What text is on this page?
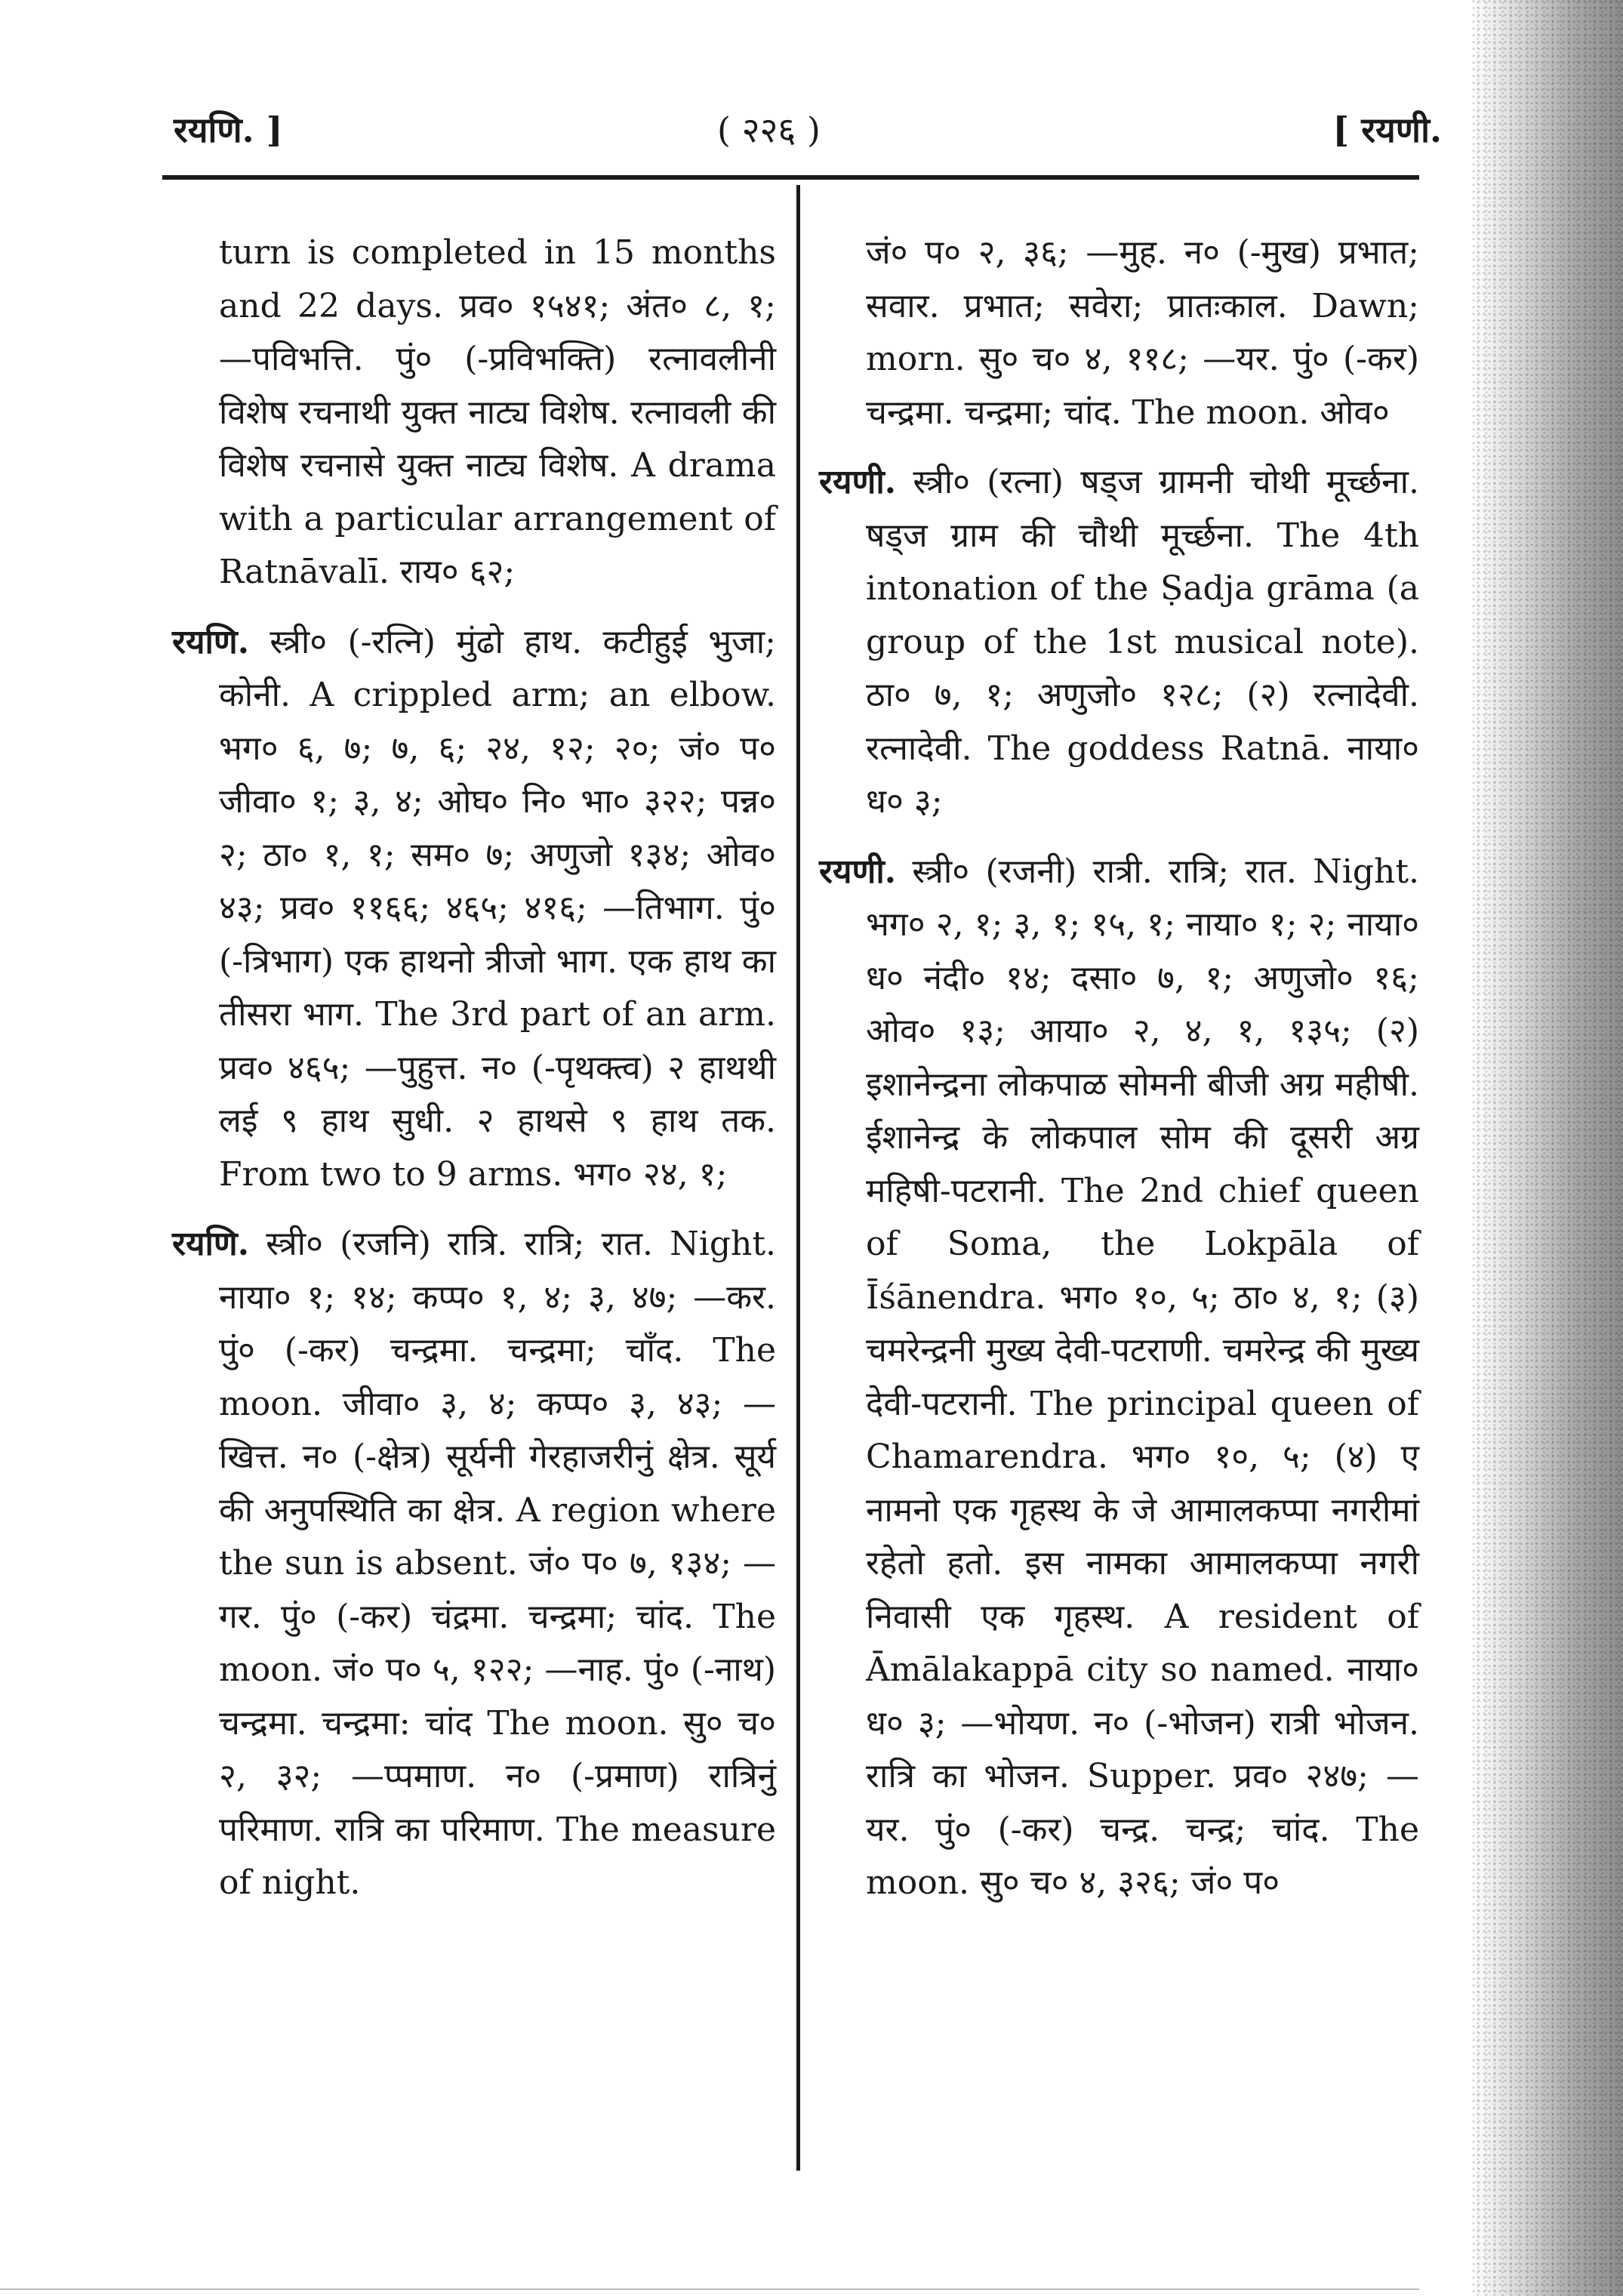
रयणि. ]	( २२६ )	[ रयणी.

turn is completed in 15 months and 22 days. प्रव० १५४१; अंत० ८, १; —पविभत्ति. पुं० (-प्रविभक्ति) रत्नावलीनी विशेष रचनाथी युक्त नाट्य विशेष. रत्नावली की विशेष रचनासे युक्त नाट्य विशेष. A drama with a particular arrangement of Ratnāvalī. राय० ६२;

रयणि. स्त्री० (-रत्नि) मुंढो हाथ. कटीहुई भुजा; कोनी. A crippled arm; an elbow. भग० ६, ७; ७, ६; २४, १२; २०; जं० प० जीवा० १; ३, ४; ओघ० नि० भा० ३२२; पन्न० २; ठा० १, १; सम० ७; अणुजो १३४; ओव० ४३; प्रव० ११६६; ४६५; ४१६; —तिभाग. पुं० (-त्रिभाग) एक हाथनो त्रीजो भाग. एक हाथ का तीसरा भाग. The 3rd part of an arm. प्रव० ४६५; —पुहुत्त. न० (-पृथक्त्व) २ हाथथी लई ९ हाथ सुधी. २ हाथसे ९ हाथ तक. From two to 9 arms. भग० २४, १;

रयणि. स्त्री० (रजनि) रात्रि. रात्रि; रात. Night. नाया० १; १४; कप्प० १, ४; ३, ४७; —कर. पुं० (-कर) चन्द्रमा. चन्द्रमा; चाँद. The moon. जीवा० ३, ४; कप्प० ३, ४३; —खित्त. न० (-क्षेत्र) सूर्यनी गेरहाजरीनुं क्षेत्र. सूर्य की अनुपस्थिति का क्षेत्र. A region where the sun is absent. जं० प० ७, १३४; —गर. पुं० (-कर) चंद्रमा. चन्द्रमा; चांद. The moon. जं० प० ५, १२२; —नाह. पुं० (-नाथ) चन्द्रमा. चन्द्रमा: चांद The moon. सु० च० २, ३२; —प्पमाण. न० (-प्रमाण) रात्रिनुं परिमाण. रात्रि का परिमाण. The measure of night.

जं० प० २, ३६; —मुह. न० (-मुख) प्रभात; सवार. प्रभात; सवेरा; प्रातःकाल. Dawn; morn. सु० च० ४, ११८; —यर. पुं० (-कर) चन्द्रमा. चन्द्रमा; चांद. The moon. ओव०

रयणी. स्त्री० (रत्ना) षड्ज ग्रामनी चोथी मूर्च्छना. षड्ज ग्राम की चौथी मूर्च्छना. The 4th intonation of the Ṣadja grāma (a group of the 1st musical note). ठा० ७, १; अणुजो० १२८; (२) रत्नादेवी. रत्नादेवी. The goddess Ratnā. नाया० ध० ३;

रयणी. स्त्री० (रजनी) रात्री. रात्रि; रात. Night. भग० २, १; ३, १; १५, १; नाया० १; २; नाया० ध० नंदी० १४; दसा० ७, १; अणुजो० १६; ओव० १३; आया० २, ४, १, १३५; (२) इशानेन्द्रना लोकपाळ सोमनी बीजी अग्र महीषी. ईशानेन्द्र के लोकपाल सोम की दूसरी अग्र महिषी-पटरानी. The 2nd chief queen of Soma, the Lokpāla of Īśānendra. भग० १०, ५; ठा० ४, १; (३) चमरेन्द्रनी मुख्य देवी-पटराणी. चमरेन्द्र की मुख्य देवी-पटरानी. The principal queen of Chamarendra. भग० १०, ५; (४) ए नामनो एक गृहस्थ के जे आमालकप्पा नगरीमां रहेतो हतो. इस नामका आमालकप्पा नगरी निवासी एक गृहस्थ. A resident of Āmālakappā city so named. नाया० ध० ३; —भोयण. न० (-भोजन) रात्री भोजन. रात्रि का भोजन. Supper. प्रव० २४७; —यर. पुं० (-कर) चन्द्र. चन्द्र; चांद. The moon. सु० च० ४, ३२६; जं० प०
